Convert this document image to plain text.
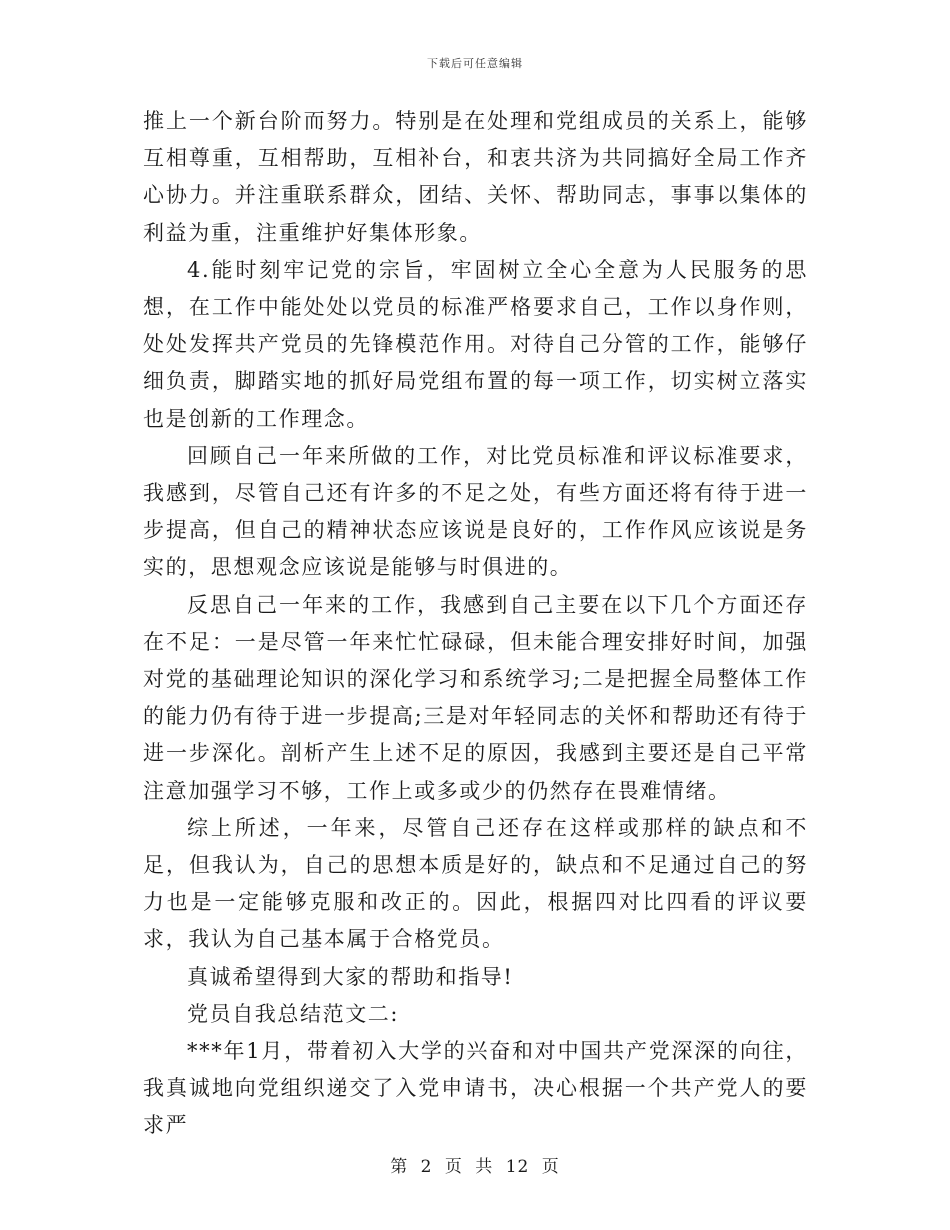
下载后可任意编辑

推上一个新台阶而努力。特别是在处理和党组成员的关系上，能够互相尊重，互相帮助，互相补台，和衷共济为共同搞好全局工作齐心协力。并注重联系群众，团结、关怀、帮助同志，事事以集体的利益为重，注重维护好集体形象。

4.能时刻牢记党的宗旨，牢固树立全心全意为人民服务的思想，在工作中能处处以党员的标准严格要求自己，工作以身作则，处处发挥共产党员的先锋模范作用。对待自己分管的工作，能够仔细负责，脚踏实地的抓好局党组布置的每一项工作，切实树立落实也是创新的工作理念。

回顾自己一年来所做的工作，对比党员标准和评议标准要求，我感到，尽管自己还有许多的不足之处，有些方面还将有待于进一步提高，但自己的精神状态应该说是良好的，工作作风应该说是务实的，思想观念应该说是能够与时俱进的。

反思自己一年来的工作，我感到自己主要在以下几个方面还存在不足：一是尽管一年来忙忙碌碌，但未能合理安排好时间，加强对党的基础理论知识的深化学习和系统学习;二是把握全局整体工作的能力仍有待于进一步提高;三是对年轻同志的关怀和帮助还有待于进一步深化。剖析产生上述不足的原因，我感到主要还是自己平常注意加强学习不够，工作上或多或少的仍然存在畏难情绪。

综上所述，一年来，尽管自己还存在这样或那样的缺点和不足，但我认为，自己的思想本质是好的，缺点和不足通过自己的努力也是一定能够克服和改正的。因此，根据四对比四看的评议要求，我认为自己基本属于合格党员。

真诚希望得到大家的帮助和指导!

党员自我总结范文二:

***年1月，带着初入大学的兴奋和对中国共产党深深的向往，我真诚地向党组织递交了入党申请书，决心根据一个共产党人的要求严

第 2 页 共 12 页
